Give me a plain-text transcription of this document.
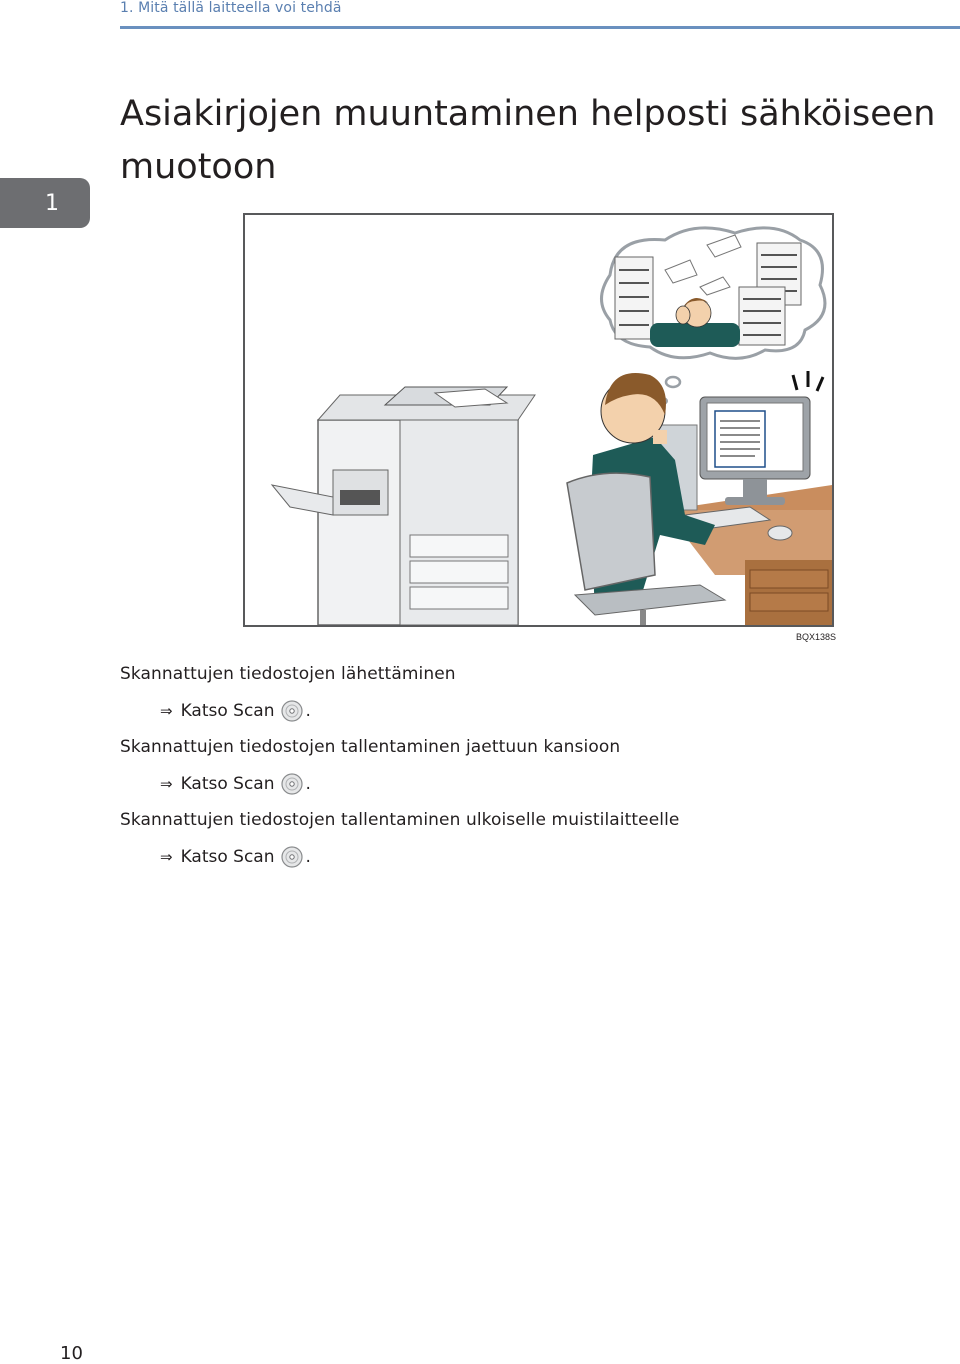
1. Mitä tällä laitteella voi tehdä
1
Asiakirjojen muuntaminen helposti sähköiseen muotoon
BQX138S
Skannattujen tiedostojen lähettäminen
⇒ Katso Scan .
Skannattujen tiedostojen tallentaminen jaettuun kansioon
⇒ Katso Scan .
Skannattujen tiedostojen tallentaminen ulkoiselle muistilaitteelle
⇒ Katso Scan .
10
